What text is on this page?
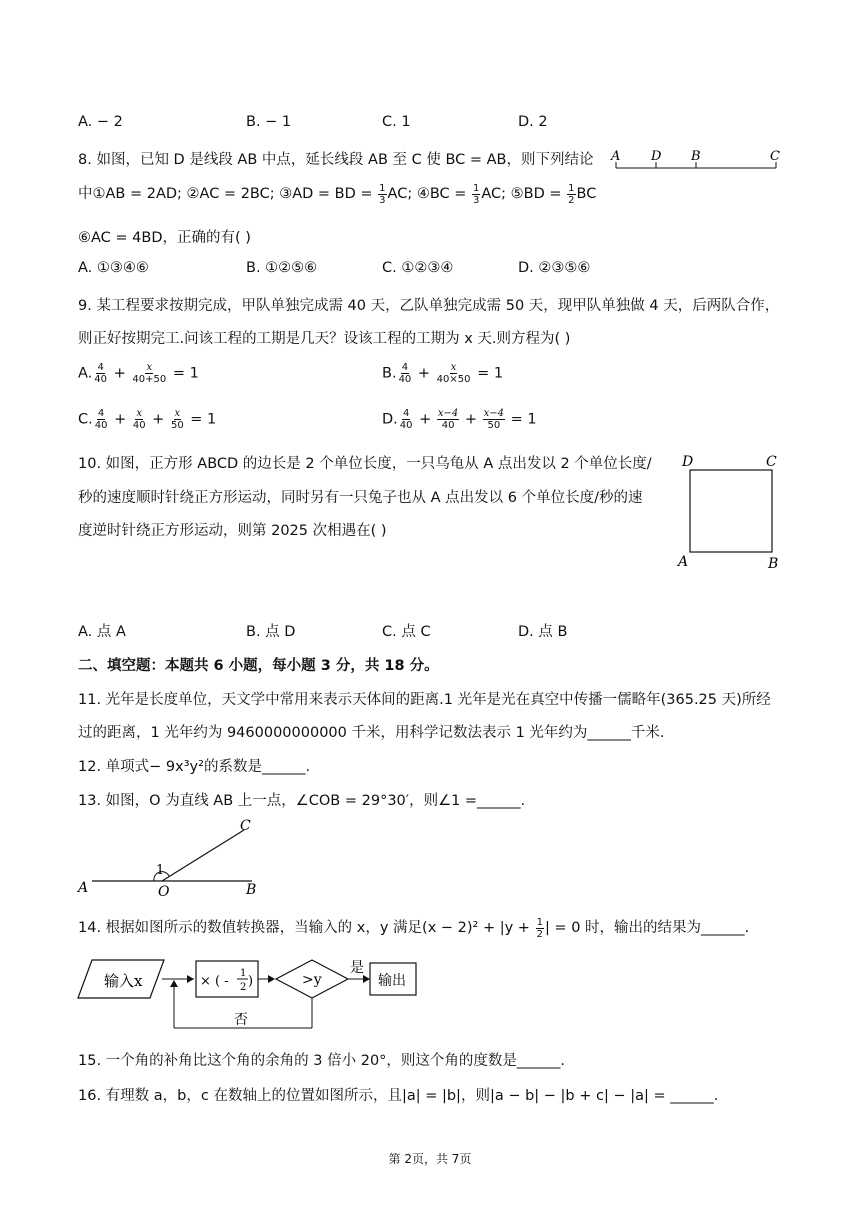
A. − 2	B. − 1	C. 1	D. 2
8. 如图，已知 D 是线段 AB 中点，延长线段 AB 至 C 使 BC = AB，则下列结论 A D B	C
中①AB = 2AD; ②AC = 2BC; ③AD = BD = $\frac{1}{3}$ AC; ④BC = $\frac{1}{3}$ AC; ⑤BD = $\frac{1}{2}$ BC
⑥AC = 4BD，正确的有( )
A. ①③④⑥	B. ①②⑤⑥	C. ①②③④	D. ②③⑤⑥
9. 某工程要求按期完成，甲队单独完成需 40 天，乙队单独完成需 50 天，现甲队单独做 4 天，后两队合作，
则正好按期完工.问该工程的工期是几天？设该工程的工期为 x 天.则方程为( )
A. $\frac{4}{40} + \frac{x}{40+50} = 1$	B. $\frac{4}{40} + \frac{x}{40\times 50} = 1$
C. $\frac{4}{40} + \frac{x}{40} + \frac{x}{50} = 1$	D. $\frac{4}{40} + \frac{x-4}{40} + \frac{x-4}{50} = 1$
10. 如图，正方形 ABCD 的边长是 2 个单位长度，一只乌龟从 A 点出发以 2 个单位长度/
秒的速度顺时针绕正方形运动，同时另有一只兔子也从 A 点出发以 6 个单位长度/秒的速
度逆时针绕正方形运动，则第 2025 次相遇在( )
D	C
A	B
A. 点 A	B. 点 D	C. 点 C	D. 点 B
二、填空题：本题共 6 小题，每小题 3 分，共 18 分。
11. 光年是长度单位，天文学中常用来表示天体间的距离.1 光年是光在真空中传播一儒略年(365.25 天)所经
过的距离，1 光年约为 9460000000000 千米，用科学记数法表示 1 光年约为______千米.
12. 单项式− 9x³y²的系数是______.
13. 如图，O 为直线 AB 上一点，∠COB = 29°30′，则∠1 =______.
C
1
A	O	B
14. 根据如图所示的数值转换器，当输入的 x，y 满足$(x - 2)^2 + |y + \frac{1}{2}$ | = 0 时，输出的结果为______.
输入x	× ( -
1
2 )	>y
是
输出
否
15. 一个角的补角比这个角的余角的 3 倍小 20°，则这个角的度数是______.
16. 有理数 a，b，c 在数轴上的位置如图所示，且|a| = |b|，则|a − b| − |b + c| − |a| = ______.
第 2页，共 7页
